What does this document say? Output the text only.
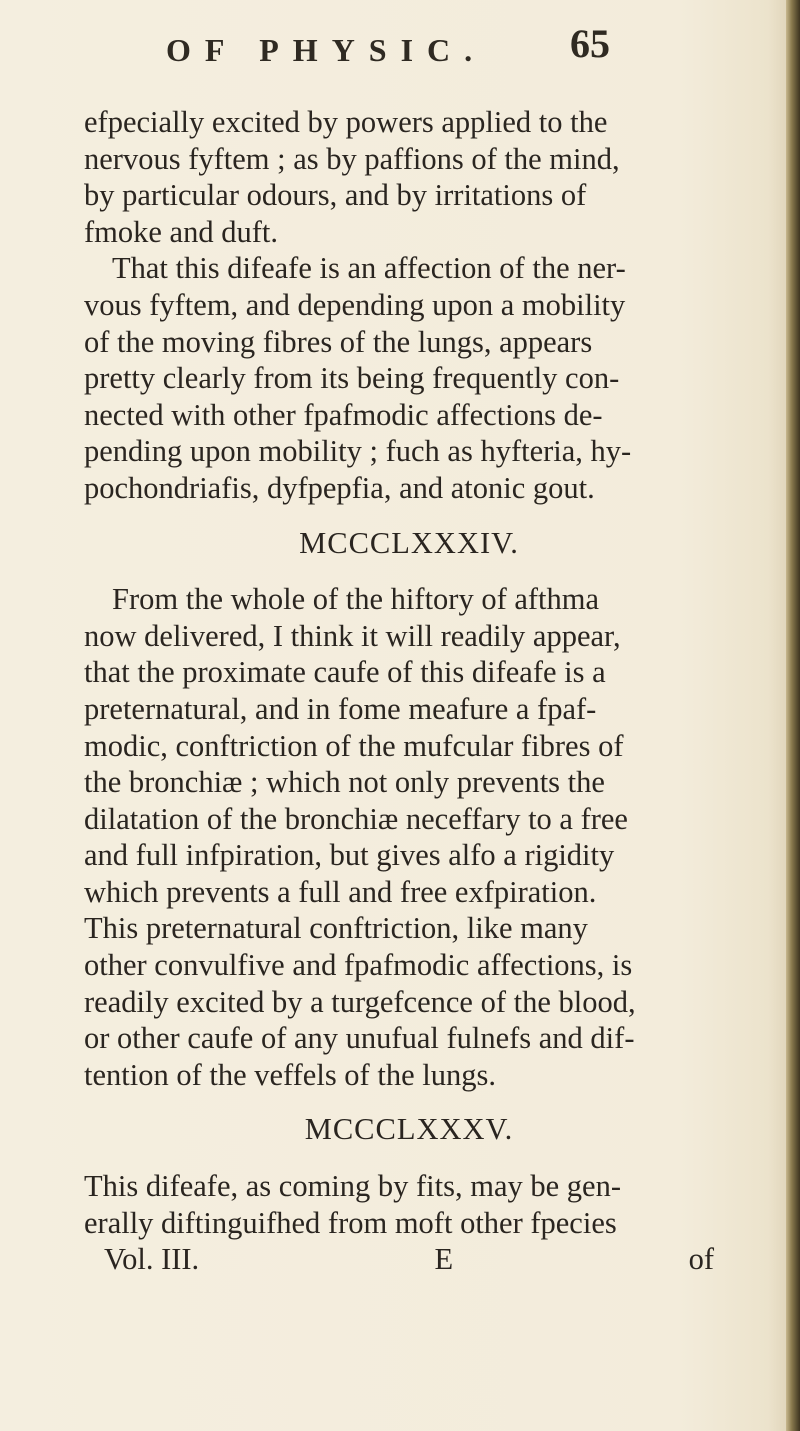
OF PHYSIC. 65
efpecially excited by powers applied to the
nervous fyftem ; as by paffions of the mind,
by particular odours, and by irritations of
fmoke and duft.
That this difeafe is an affection of the ner-
vous fyftem, and depending upon a mobility
of the moving fibres of the lungs, appears
pretty clearly from its being frequently con-
nected with other fpafmodic affections de-
pending upon mobility ; fuch as hyfteria, hy-
pochondriafis, dyfpepfia, and atonic gout.
MCCCLXXXIV.
From the whole of the hiftory of afthma
now delivered, I think it will readily appear,
that the proximate caufe of this difeafe is a
preternatural, and in fome meafure a fpaf-
modic, conftriction of the mufcular fibres of
the bronchiæ ; which not only prevents the
dilatation of the bronchiæ neceffary to a free
and full infpiration, but gives alfo a rigidity
which prevents a full and free exfpiration.
This preternatural conftriction, like many
other convulfive and fpafmodic affections, is
readily excited by a turgefcence of the blood,
or other caufe of any unufual fulnefs and dif-
tention of the veffels of the lungs.
MCCCLXXXV.
This difeafe, as coming by fits, may be gen-
erally diftinguifhed from moft other fpecies
Vol. III.	E	of
